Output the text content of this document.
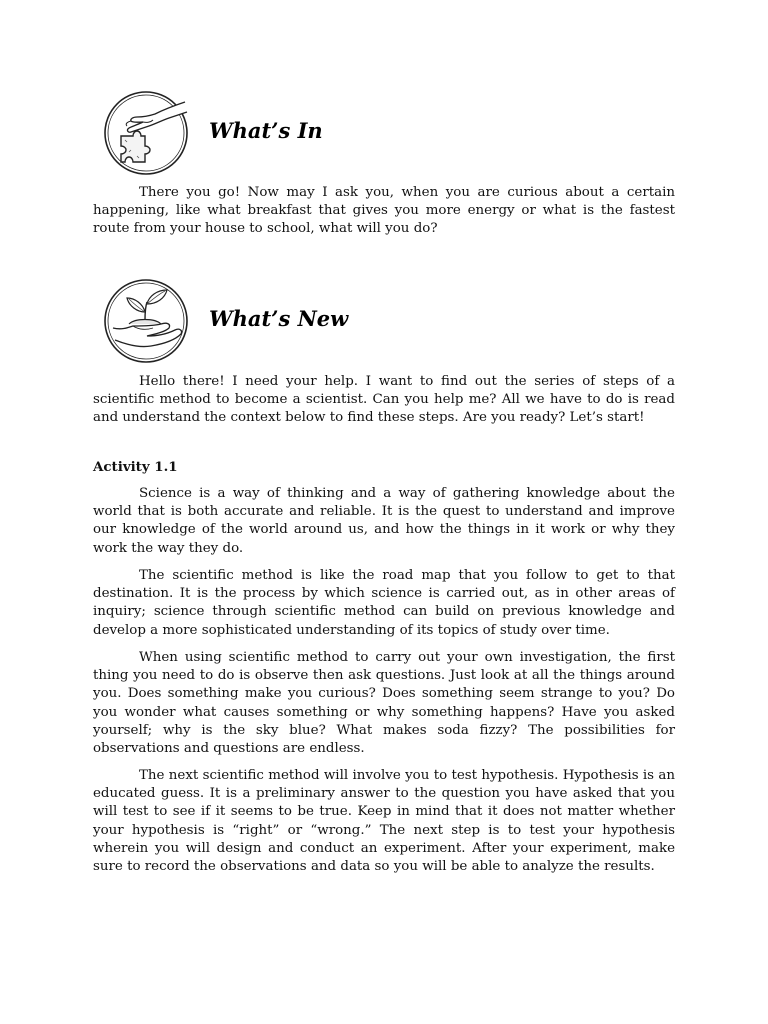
What’s In

There you go! Now may I ask you, when you are curious about a certain happening, like what breakfast that gives you more energy or what is the fastest route from your house to school, what will you do?

What’s New

Hello there! I need your help. I want to find out the series of steps of a scientific method to become a scientist. Can you help me? All we have to do is read and understand the context below to find these steps. Are you ready? Let’s start!

Activity 1.1

Science is a way of thinking and a way of gathering knowledge about the world that is both accurate and reliable. It is the quest to understand and improve our knowledge of the world around us, and how the things in it work or why they work the way they do.

The scientific method is like the road map that you follow to get to that destination. It is the process by which science is carried out, as in other areas of inquiry; science through scientific method can build on previous knowledge and develop a more sophisticated understanding of its topics of study over time.

When using scientific method to carry out your own investigation, the first thing you need to do is observe then ask questions. Just look at all the things around you. Does something make you curious? Does something seem strange to you? Do you wonder what causes something or why something happens? Have you asked yourself; why is the sky blue? What makes soda fizzy? The possibilities for observations and questions are endless.

The next scientific method will involve you to test hypothesis. Hypothesis is an educated guess. It is a preliminary answer to the question you have asked that you will test to see if it seems to be true. Keep in mind that it does not matter whether your hypothesis is “right” or “wrong.” The next step is to test your hypothesis wherein you will design and conduct an experiment. After your experiment, make sure to record the observations and data so you will be able to analyze the results.
